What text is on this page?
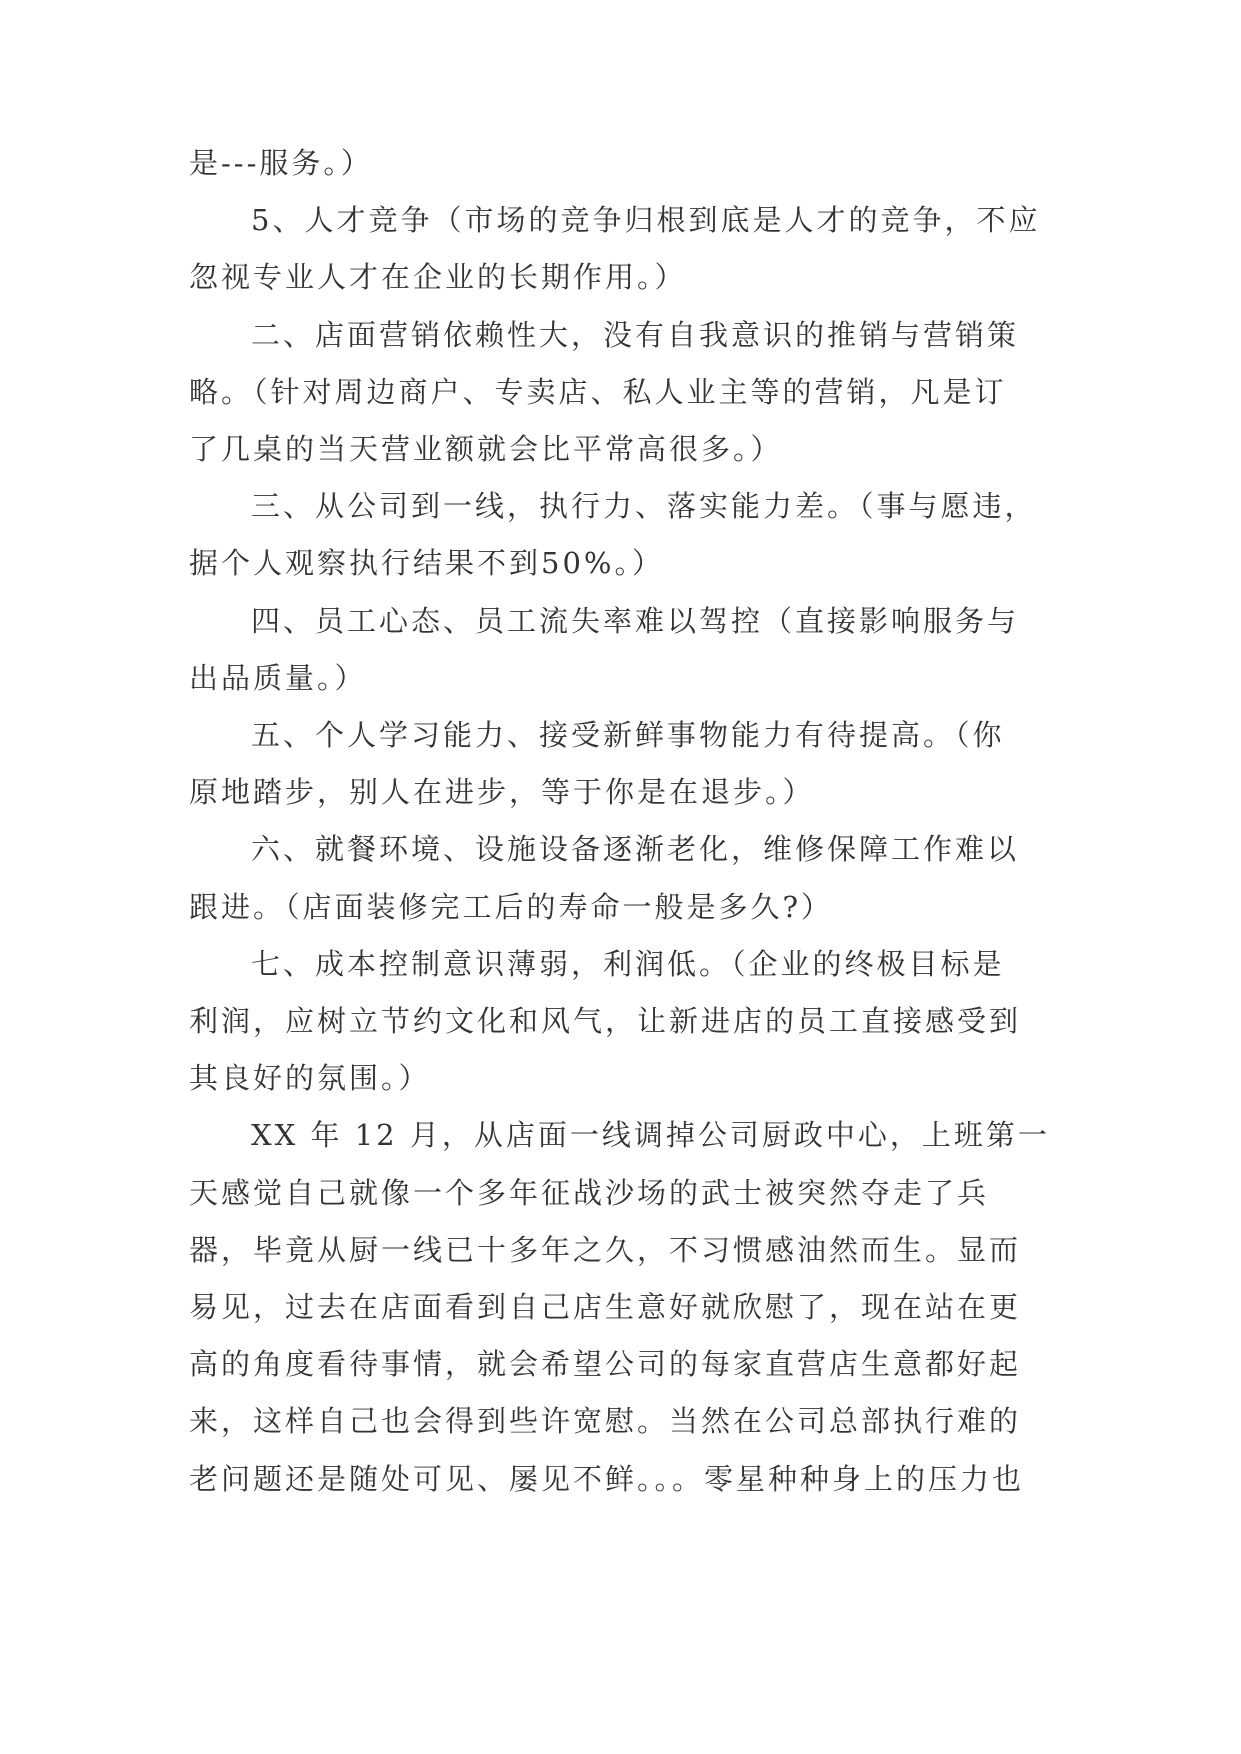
是---服务。）
5、人才竞争（市场的竞争归根到底是人才的竞争，不应
忽视专业人才在企业的长期作用。）
二、店面营销依赖性大，没有自我意识的推销与营销策
略。（针对周边商户、专卖店、私人业主等的营销，凡是订
了几桌的当天营业额就会比平常高很多。）
三、从公司到一线，执行力、落实能力差。（事与愿违，
据个人观察执行结果不到50%。）
四、员工心态、员工流失率难以驾控（直接影响服务与
出品质量。）
五、个人学习能力、接受新鲜事物能力有待提高。（你
原地踏步，别人在进步，等于你是在退步。）
六、就餐环境、设施设备逐渐老化，维修保障工作难以
跟进。（店面装修完工后的寿命一般是多久?）
七、成本控制意识薄弱，利润低。（企业的终极目标是
利润，应树立节约文化和风气，让新进店的员工直接感受到
其良好的氛围。）
XX 年 12 月，从店面一线调掉公司厨政中心，上班第一
天感觉自己就像一个多年征战沙场的武士被突然夺走了兵
器，毕竟从厨一线已十多年之久，不习惯感油然而生。显而
易见，过去在店面看到自己店生意好就欣慰了，现在站在更
高的角度看待事情，就会希望公司的每家直营店生意都好起
来，这样自己也会得到些许宽慰。当然在公司总部执行难的
老问题还是随处可见、屡见不鲜。。。零星种种身上的压力也
